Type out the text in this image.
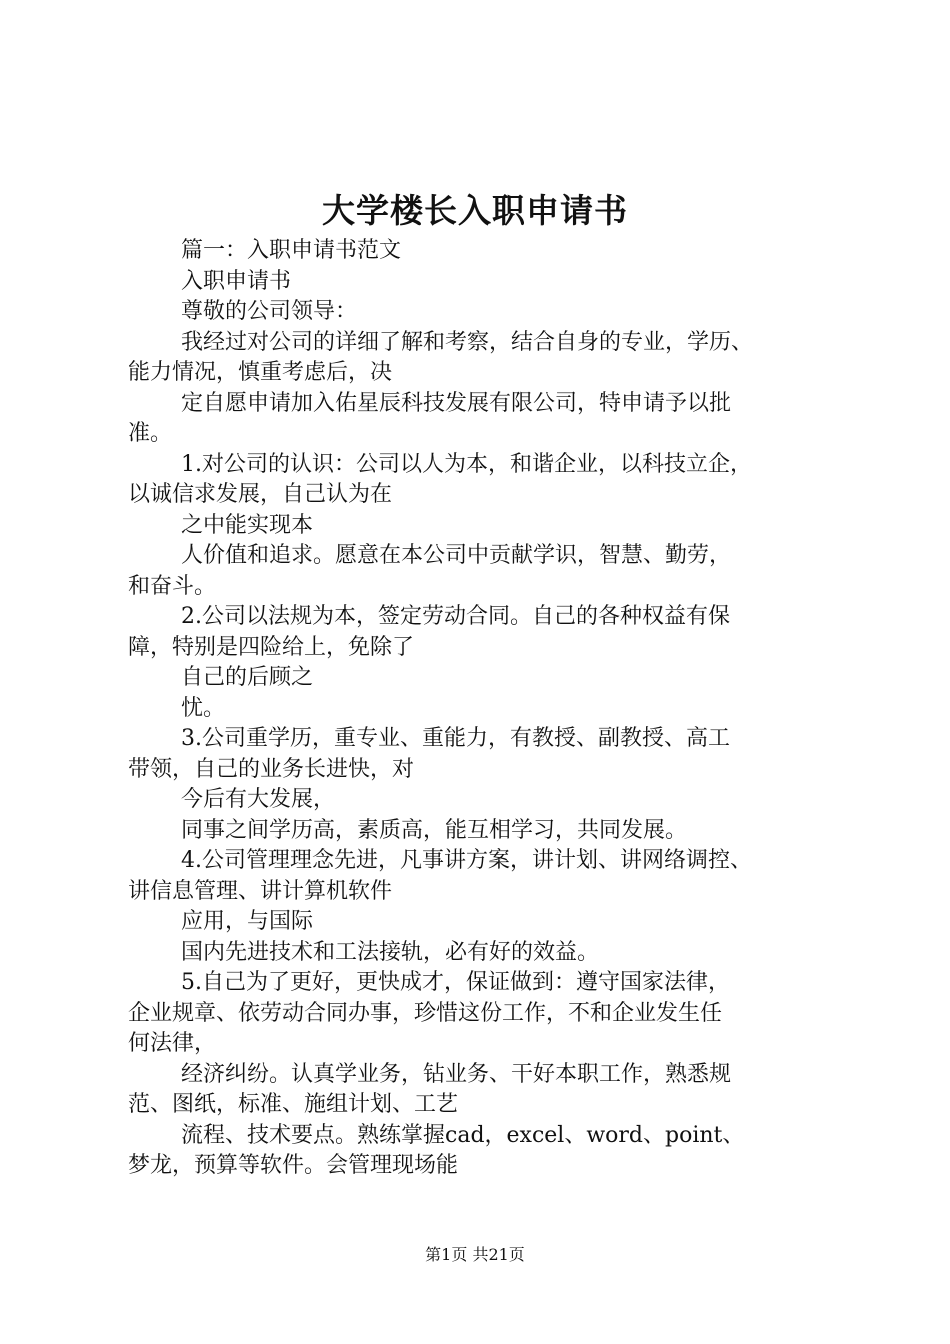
大学楼长入职申请书
篇一：入职申请书范文
入职申请书
尊敬的公司领导：
我经过对公司的详细了解和考察，结合自身的专业，学历、
能力情况，慎重考虑后，决
定自愿申请加入佑星辰科技发展有限公司，特申请予以批
准。
1.对公司的认识：公司以人为本，和谐企业，以科技立企，
以诚信求发展，自己认为在
之中能实现本
人价值和追求。愿意在本公司中贡献学识，智慧、勤劳，
和奋斗。
2.公司以法规为本，签定劳动合同。自己的各种权益有保
障，特别是四险给上，免除了
自己的后顾之
忧。
3.公司重学历，重专业、重能力，有教授、副教授、高工
带领，自己的业务长进快，对
今后有大发展，
同事之间学历高，素质高，能互相学习，共同发展。
4.公司管理理念先进，凡事讲方案，讲计划、讲网络调控、
讲信息管理、讲计算机软件
应用，与国际
国内先进技术和工法接轨，必有好的效益。
5.自己为了更好，更快成才，保证做到：遵守国家法律，
企业规章、依劳动合同办事，珍惜这份工作，不和企业发生任
何法律，
经济纠纷。认真学业务，钻业务、干好本职工作，熟悉规
范、图纸，标准、施组计划、工艺
流程、技术要点。熟练掌握cad，excel、word、point、
梦龙，预算等软件。会管理现场能
第1页 共21页
